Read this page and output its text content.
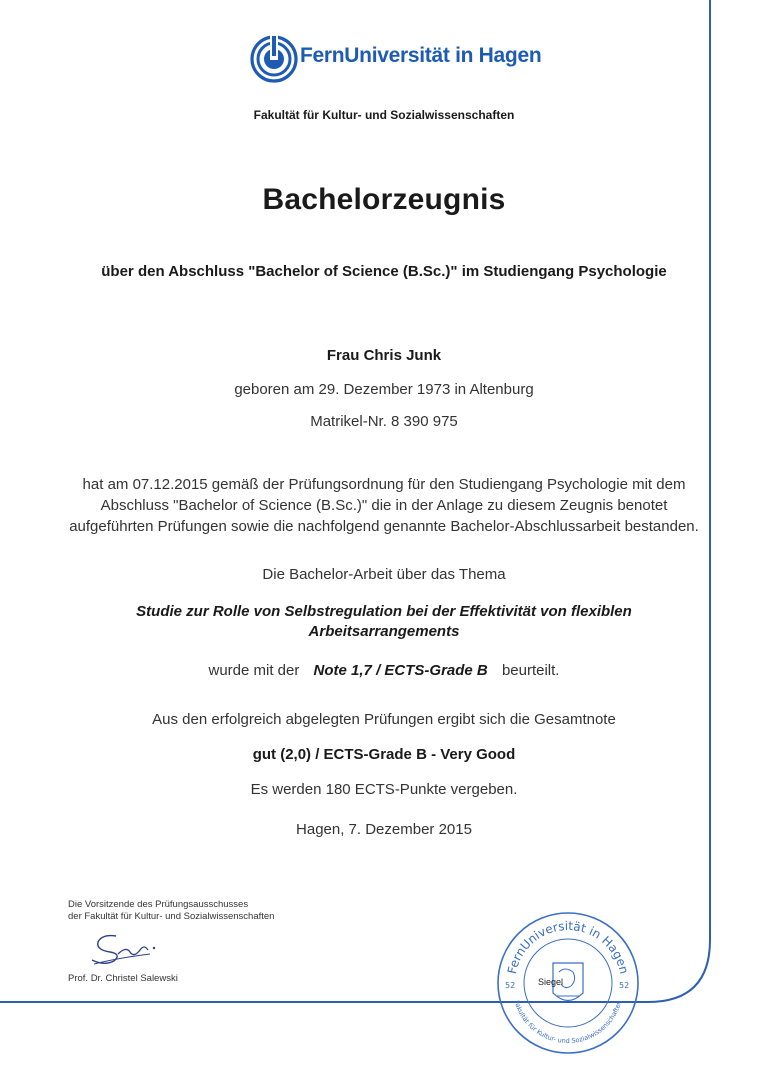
FernUniversität in Hagen
Fakultät für Kultur- und Sozialwissenschaften
Bachelorzeugnis
über den Abschluss "Bachelor of Science (B.Sc.)" im Studiengang Psychologie
Frau Chris Junk
geboren am 29. Dezember 1973 in Altenburg
Matrikel-Nr. 8 390 975
hat am 07.12.2015 gemäß der Prüfungsordnung für den Studiengang Psychologie mit dem Abschluss "Bachelor of Science (B.Sc.)" die in der Anlage zu diesem Zeugnis benotet aufgeführten Prüfungen sowie die nachfolgend genannte Bachelor-Abschlussarbeit bestanden.
Die Bachelor-Arbeit über das Thema
Studie zur Rolle von Selbstregulation bei der Effektivität von flexiblen Arbeitsarrangements
wurde mit der Note 1,7 / ECTS-Grade B beurteilt.
Aus den erfolgreich abgelegten Prüfungen ergibt sich die Gesamtnote
gut (2,0) / ECTS-Grade B - Very Good
Es werden 180 ECTS-Punkte vergeben.
Hagen, 7. Dezember 2015
Die Vorsitzende des Prüfungsausschusses
der Fakultät für Kultur- und Sozialwissenschaften
Prof. Dr. Christel Salewski
FernUniversität in Hagen
Fakultät für Kultur- und Sozialwissenschaften
52	52
Siegel
